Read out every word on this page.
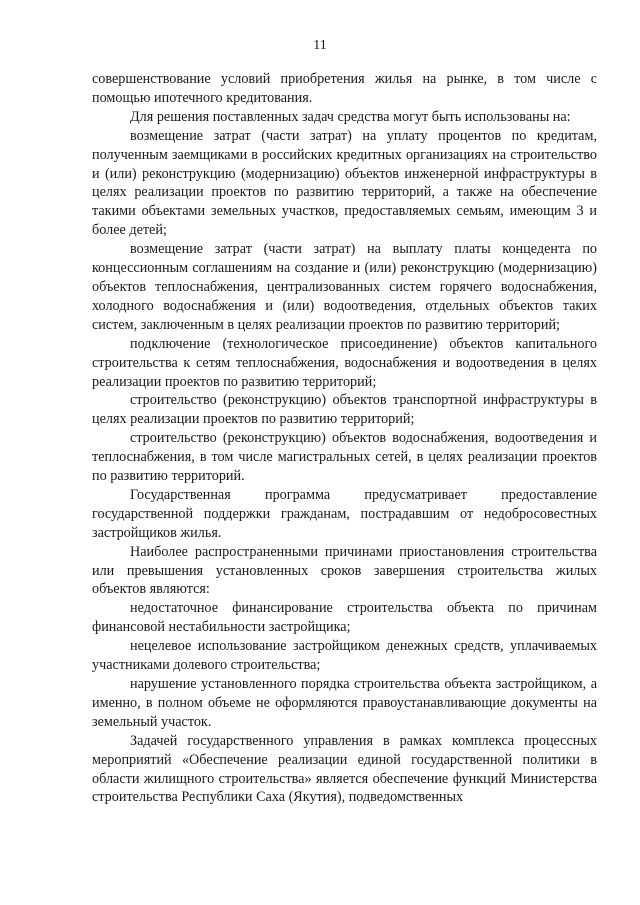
11

совершенствование условий приобретения жилья на рынке, в том числе с помощью ипотечного кредитования.

Для решения поставленных задач средства могут быть использованы на:

возмещение затрат (части затрат) на уплату процентов по кредитам, полученным заемщиками в российских кредитных организациях на строительство и (или) реконструкцию (модернизацию) объектов инженерной инфраструктуры в целях реализации проектов по развитию территорий, а также на обеспечение такими объектами земельных участков, предоставляемых семьям, имеющим 3 и более детей;

возмещение затрат (части затрат) на выплату платы концедента по концессионным соглашениям на создание и (или) реконструкцию (модернизацию) объектов теплоснабжения, централизованных систем горячего водоснабжения, холодного водоснабжения и (или) водоотведения, отдельных объектов таких систем, заключенным в целях реализации проектов по развитию территорий;

подключение (технологическое присоединение) объектов капитального строительства к сетям теплоснабжения, водоснабжения и водоотведения в целях реализации проектов по развитию территорий;

строительство (реконструкцию) объектов транспортной инфраструктуры в целях реализации проектов по развитию территорий;

строительство (реконструкцию) объектов водоснабжения, водоотведения и теплоснабжения, в том числе магистральных сетей, в целях реализации проектов по развитию территорий.

Государственная программа предусматривает предоставление государственной поддержки гражданам, пострадавшим от недобросовестных застройщиков жилья.

Наиболее распространенными причинами приостановления строительства или превышения установленных сроков завершения строительства жилых объектов являются:

недостаточное финансирование строительства объекта по причинам финансовой нестабильности застройщика;

нецелевое использование застройщиком денежных средств, уплачиваемых участниками долевого строительства;

нарушение установленного порядка строительства объекта застройщиком, а именно, в полном объеме не оформляются правоустанавливающие документы на земельный участок.

Задачей государственного управления в рамках комплекса процессных мероприятий «Обеспечение реализации единой государственной политики в области жилищного строительства» является обеспечение функций Министерства строительства Республики Саха (Якутия), подведомственных
